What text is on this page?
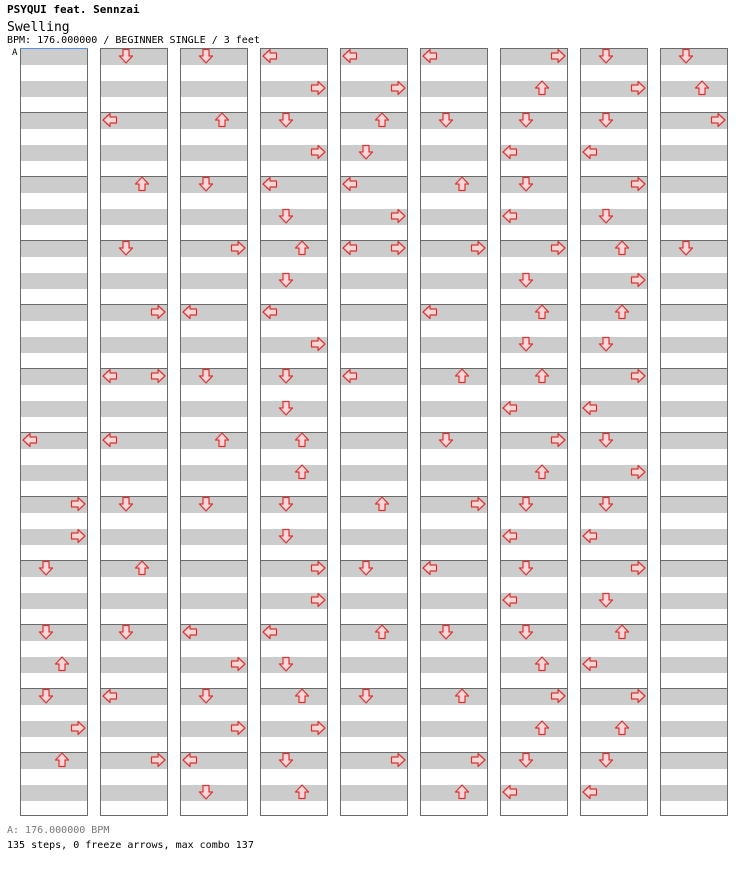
PSYQUI feat. Sennzai
Swelling
BPM: 176.000000 / BEGINNER SINGLE / 3 feet
A
A: 176.000000 BPM
135 steps, 0 freeze arrows, max combo 137
